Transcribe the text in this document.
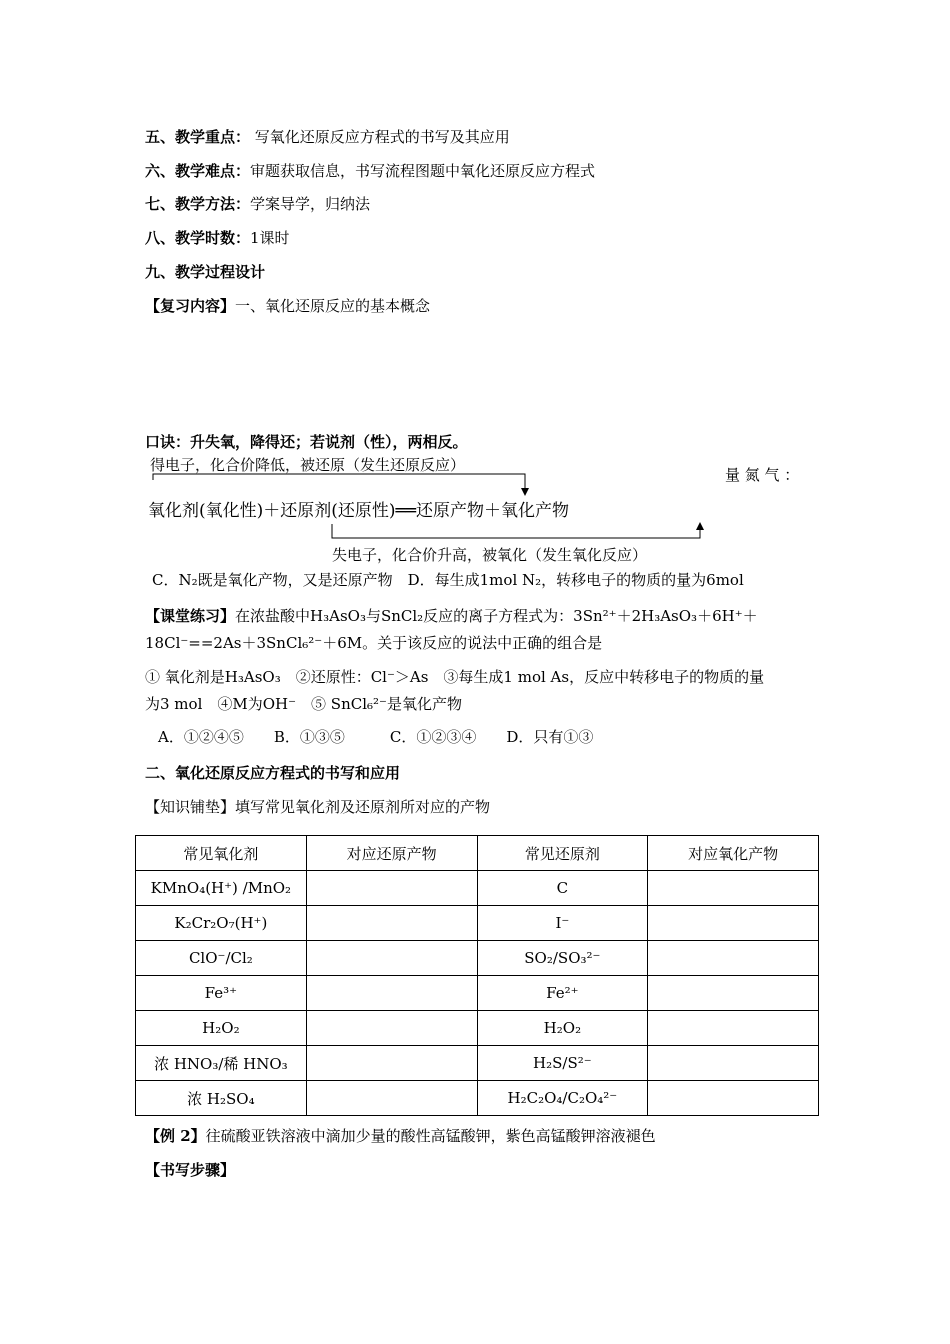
五、教学重点： 写氧化还原反应方程式的书写及其应用
六、教学难点：审题获取信息，书写流程图题中氧化还原反应方程式
七、教学方法：学案导学，归纳法
八、教学时数：1课时
九、教学过程设计
【复习内容】一、氧化还原反应的基本概念
口诀：升失氧，降得还；若说剂（性），两相反。
得电子，化合价降低，被还原（发生还原反应）
量 氮 气 ：
氧化剂(氧化性)＋还原剂(还原性)══还原产物＋氧化产物
失电子，化合价升高，被氧化（发生氧化反应）
C．N₂既是氧化产物，又是还原产物　D．每生成1mol N₂，转移电子的物质的量为6mol
【课堂练习】在浓盐酸中H₃AsO₃与SnCl₂反应的离子方程式为：3Sn²⁺＋2H₃AsO₃＋6H⁺＋
18Cl⁻==2As＋3SnCl₆²⁻＋6M。关于该反应的说法中正确的组合是
① 氧化剂是H₃AsO₃　②还原性：Cl⁻＞As　③每生成1 mol As，反应中转移电子的物质的量
为3 mol　④M为OH⁻　⑤ SnCl₆²⁻是氧化产物
A．①②④⑤　　B．①③⑤　　　C．①②③④　　D．只有①③
二、氧化还原反应方程式的书写和应用
【知识铺垫】填写常见氧化剂及还原剂所对应的产物
常见氧化剂	对应还原产物	常见还原剂	对应氧化产物
KMnO₄(H⁺) /MnO₂		C	
K₂Cr₂O₇(H⁺)		I⁻	
ClO⁻/Cl₂		SO₂/SO₃²⁻	
Fe³⁺		Fe²⁺	
H₂O₂		H₂O₂	
浓 HNO₃/稀 HNO₃		H₂S/S²⁻	
浓 H₂SO₄		H₂C₂O₄/C₂O₄²⁻	
【例 2】往硫酸亚铁溶液中滴加少量的酸性高锰酸钾，紫色高锰酸钾溶液褪色
【书写步骤】
